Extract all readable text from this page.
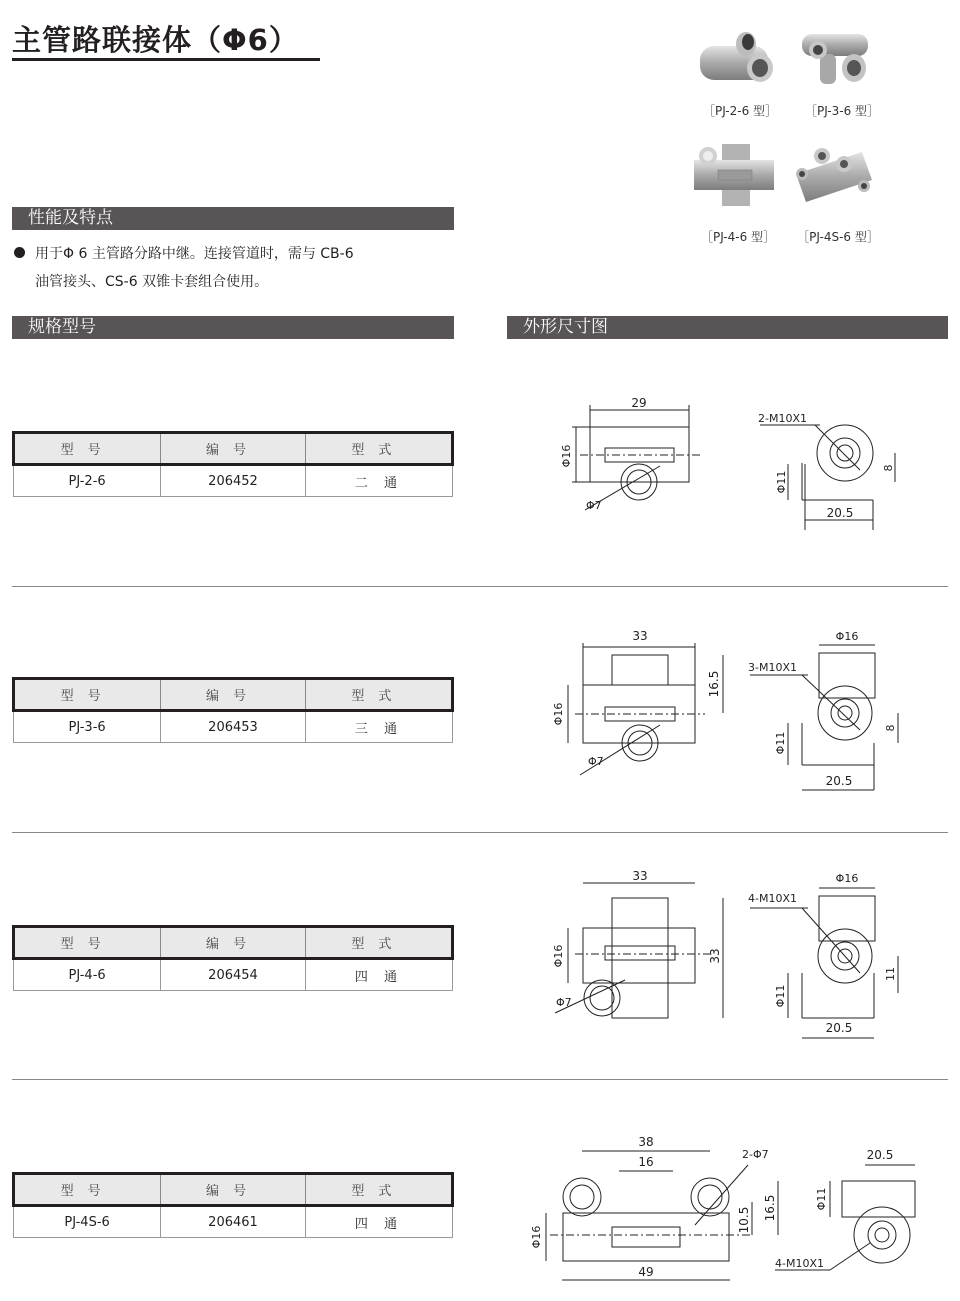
主管路联接体（Φ6）
［PJ-2-6 型］	［PJ-3-6 型］
［PJ-4-6 型］	［PJ-4S-6 型］
性能及特点
用于Φ 6 主管路分路中继。连接管道时，需与 CB-6
油管接头、CS-6 双锥卡套组合使用。
规格型号	外形尺寸图
型号	编号	型式
PJ-2-6	206452	二 通
型号	编号	型式
PJ-3-6	206453	三 通
型号	编号	型式
PJ-4-6	206454	四 通
型号	编号	型式
PJ-4S-6	206461	四 通
29
Φ7
Φ16
2-M10X1
Φ11
8
20.5
33
16.5
Φ16
Φ7
Φ16
3-M10X1
Φ11
8
20.5
33
33
Φ16
Φ7
Φ16
4-M10X1
Φ11
11
20.5
38
16
2-Φ7
10.5 16.5
Φ16
49
20.5
Φ11
4-M10X1
